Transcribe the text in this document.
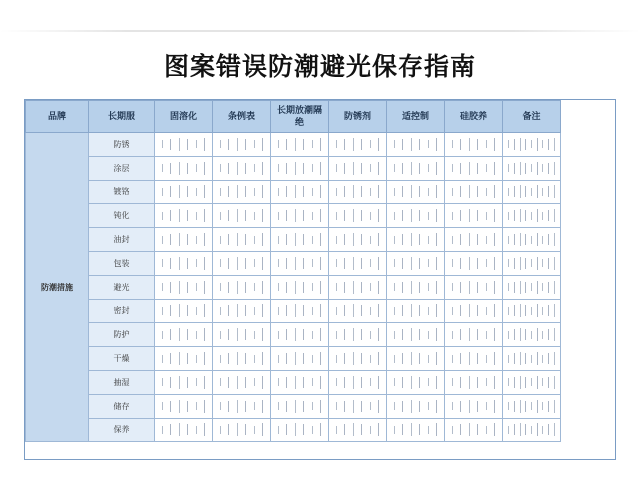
图案错误防潮避光保存指南
品牌	长期服	固溶化	条例表	长期放潮隔绝	防锈剂	适控制	硅胶养	备注
防潮措施	防锈	

	涂层	

	镀铬	

	钝化	

	油封	

	包装	

	避光	

	密封	

	防护	

	干燥	

	抽湿	

	储存	

	保养	
